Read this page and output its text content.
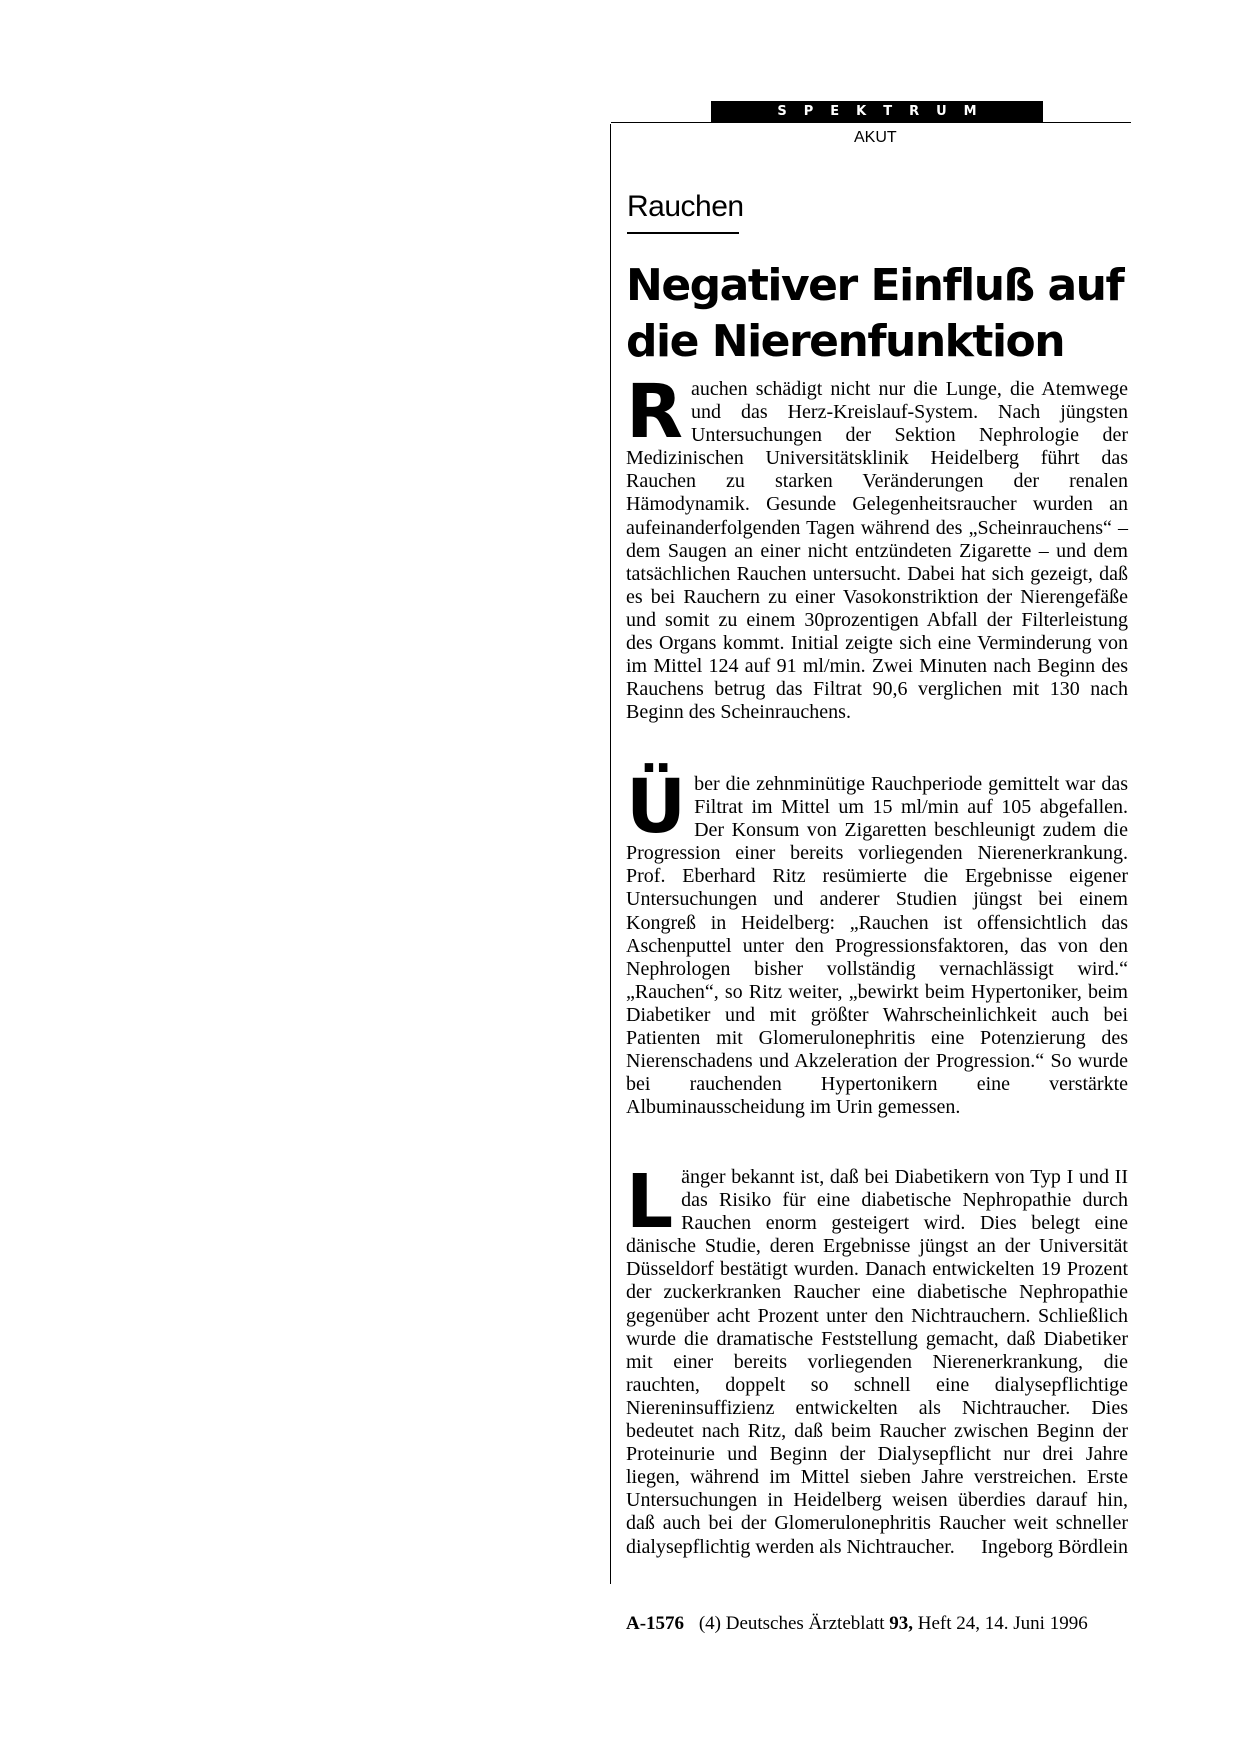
SPEKTRUM
AKUT
Rauchen
Negativer Einfluß auf die Nierenfunktion

R auchen schädigt nicht nur die Lunge, die Atemwege und das Herz-Kreislauf-System. Nach jüngsten Untersuchungen der Sektion Nephrologie der Medizinischen Universitätsklinik Heidelberg führt das Rauchen zu starken Veränderungen der renalen Hämodynamik. Gesunde Gelegenheitsraucher wurden an aufeinanderfolgenden Tagen während des „Scheinrauchens“ – dem Saugen an einer nicht entzündeten Zigarette – und dem tatsächlichen Rauchen untersucht. Dabei hat sich gezeigt, daß es bei Rauchern zu einer Vasokonstriktion der Nierengefäße und somit zu einem 30prozentigen Abfall der Filterleistung des Organs kommt. Initial zeigte sich eine Verminderung von im Mittel 124 auf 91 ml/min. Zwei Minuten nach Beginn des Rauchens betrug das Filtrat 90,6 verglichen mit 130 nach Beginn des Scheinrauchens.

Ü ber die zehnminütige Rauchperiode gemittelt war das Filtrat im Mittel um 15 ml/min auf 105 abgefallen. Der Konsum von Zigaretten beschleunigt zudem die Progression einer bereits vorliegenden Nierenerkrankung. Prof. Eberhard Ritz resümierte die Ergebnisse eigener Untersuchungen und anderer Studien jüngst bei einem Kongreß in Heidelberg: „Rauchen ist offensichtlich das Aschenputtel unter den Progressionsfaktoren, das von den Nephrologen bisher vollständig vernachlässigt wird.“ „Rauchen“, so Ritz weiter, „bewirkt beim Hypertoniker, beim Diabetiker und mit größter Wahrscheinlichkeit auch bei Patienten mit Glomerulonephritis eine Potenzierung des Nierenschadens und Akzeleration der Progression.“ So wurde bei rauchenden Hypertonikern eine verstärkte Albuminausscheidung im Urin gemessen.

L änger bekannt ist, daß bei Diabetikern von Typ I und II das Risiko für eine diabetische Nephropathie durch Rauchen enorm gesteigert wird. Dies belegt eine dänische Studie, deren Ergebnisse jüngst an der Universität Düsseldorf bestätigt wurden. Danach entwickelten 19 Prozent der zuckerkranken Raucher eine diabetische Nephropathie gegenüber acht Prozent unter den Nichtrauchern. Schließlich wurde die dramatische Feststellung gemacht, daß Diabetiker mit einer bereits vorliegenden Nierenerkrankung, die rauchten, doppelt so schnell eine dialysepflichtige Niereninsuffizienz entwickelten als Nichtraucher. Dies bedeutet nach Ritz, daß beim Raucher zwischen Beginn der Proteinurie und Beginn der Dialysepflicht nur drei Jahre liegen, während im Mittel sieben Jahre verstreichen. Erste Untersuchungen in Heidelberg weisen überdies darauf hin, daß auch bei der Glomerulonephritis Raucher weit schneller dialysepflichtig werden als Nichtraucher. Ingeborg Bördlein

A-1576 (4) Deutsches Ärzteblatt 93, Heft 24, 14. Juni 1996
